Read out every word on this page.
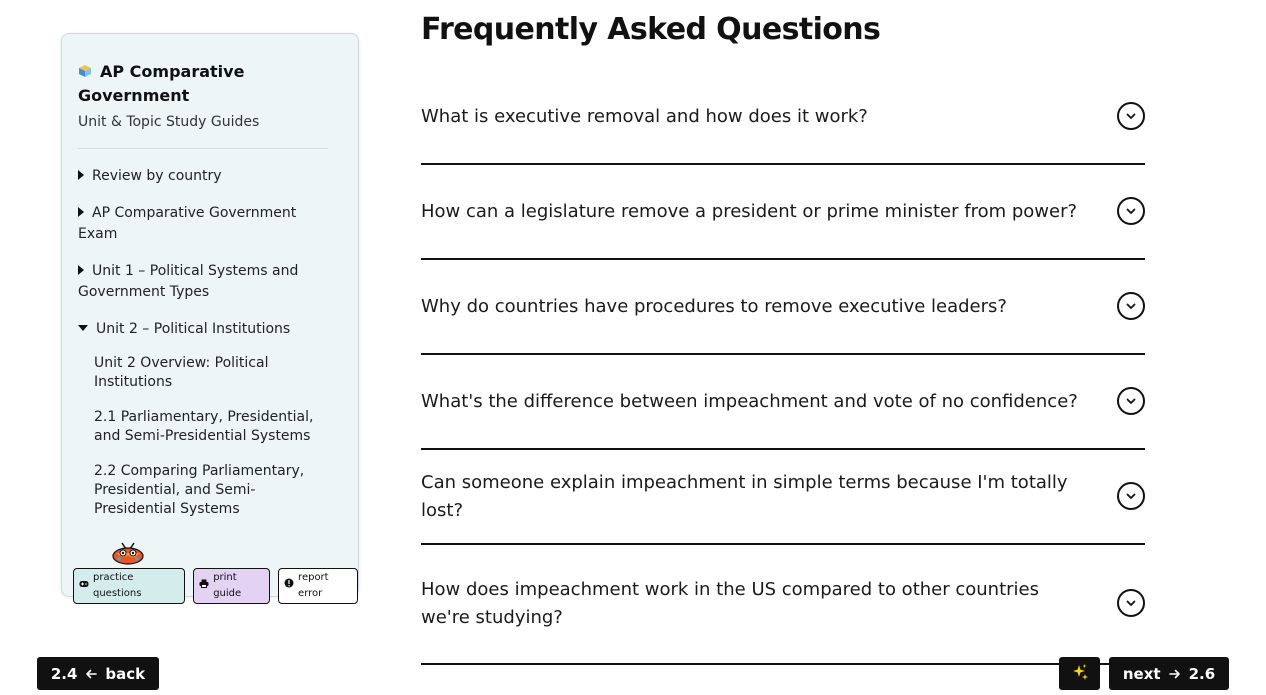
AP Comparative Government
Unit & Topic Study Guides
Review by country
AP Comparative Government Exam
Unit 1 – Political Systems and Government Types
Unit 2 – Political Institutions
Unit 2 Overview: Political Institutions
2.1 Parliamentary, Presidential, and Semi-Presidential Systems
2.2 Comparing Parliamentary, Presidential, and Semi-Presidential Systems
practice questions
print guide
report error
Frequently Asked Questions
What is executive removal and how does it work?
How can a legislature remove a president or prime minister from power?
Why do countries have procedures to remove executive leaders?
What's the difference between impeachment and vote of no confidence?
Can someone explain impeachment in simple terms because I'm totally lost?
How does impeachment work in the US compared to other countries we're studying?
2.4 back	next 2.6
